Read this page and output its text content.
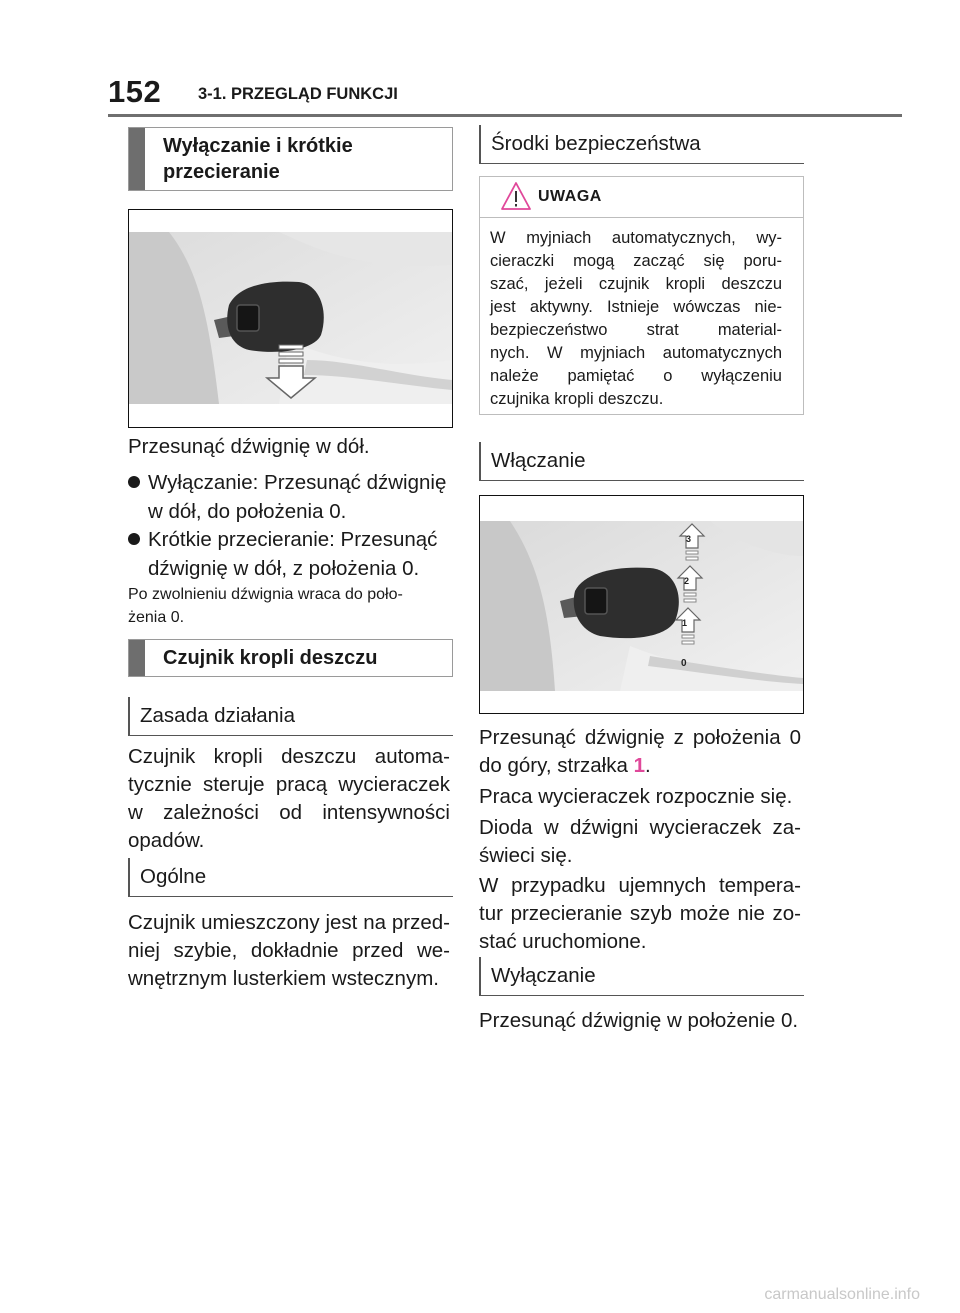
152 3-1. PRZEGLĄD FUNKCJI
Wyłączanie i krótkie
przecieranie
Przesunąć dźwignię w dół.
Wyłączanie: Przesunąć dźwignię
w dół, do położenia 0.
Krótkie przecieranie: Przesunąć
dźwignię w dół, z położenia 0.
Po zwolnieniu dźwignia wraca do poło-
żenia 0.
Czujnik kropli deszczu
Zasada działania
Czujnik kropli deszczu automa-
tycznie steruje pracą wycieraczek
w zależności od intensywności
opadów.
Ogólne
Czujnik umieszczony jest na przed-
niej szybie, dokładnie przed we-
wnętrznym lusterkiem wstecznym.
Środki bezpieczeństwa
UWAGA
W myjniach automatycznych, wy-
cieraczki mogą zacząć się poru-
szać, jeżeli czujnik kropli deszczu
jest aktywny. Istnieje wówczas nie-
bezpieczeństwo strat material-
nych. W myjniach automatycznych
należe pamiętać o wyłączeniu
czujnika kropli deszczu.
Włączanie
3
2
1
0
Przesunąć dźwignię z położenia 0
do góry, strzałka 1.
Praca wycieraczek rozpocznie się.
Dioda w dźwigni wycieraczek za-
świeci się.
W przypadku ujemnych tempera-
tur przecieranie szyb może nie zo-
stać uruchomione.
Wyłączanie
Przesunąć dźwignię w położenie 0.
carmanualsonline.info
